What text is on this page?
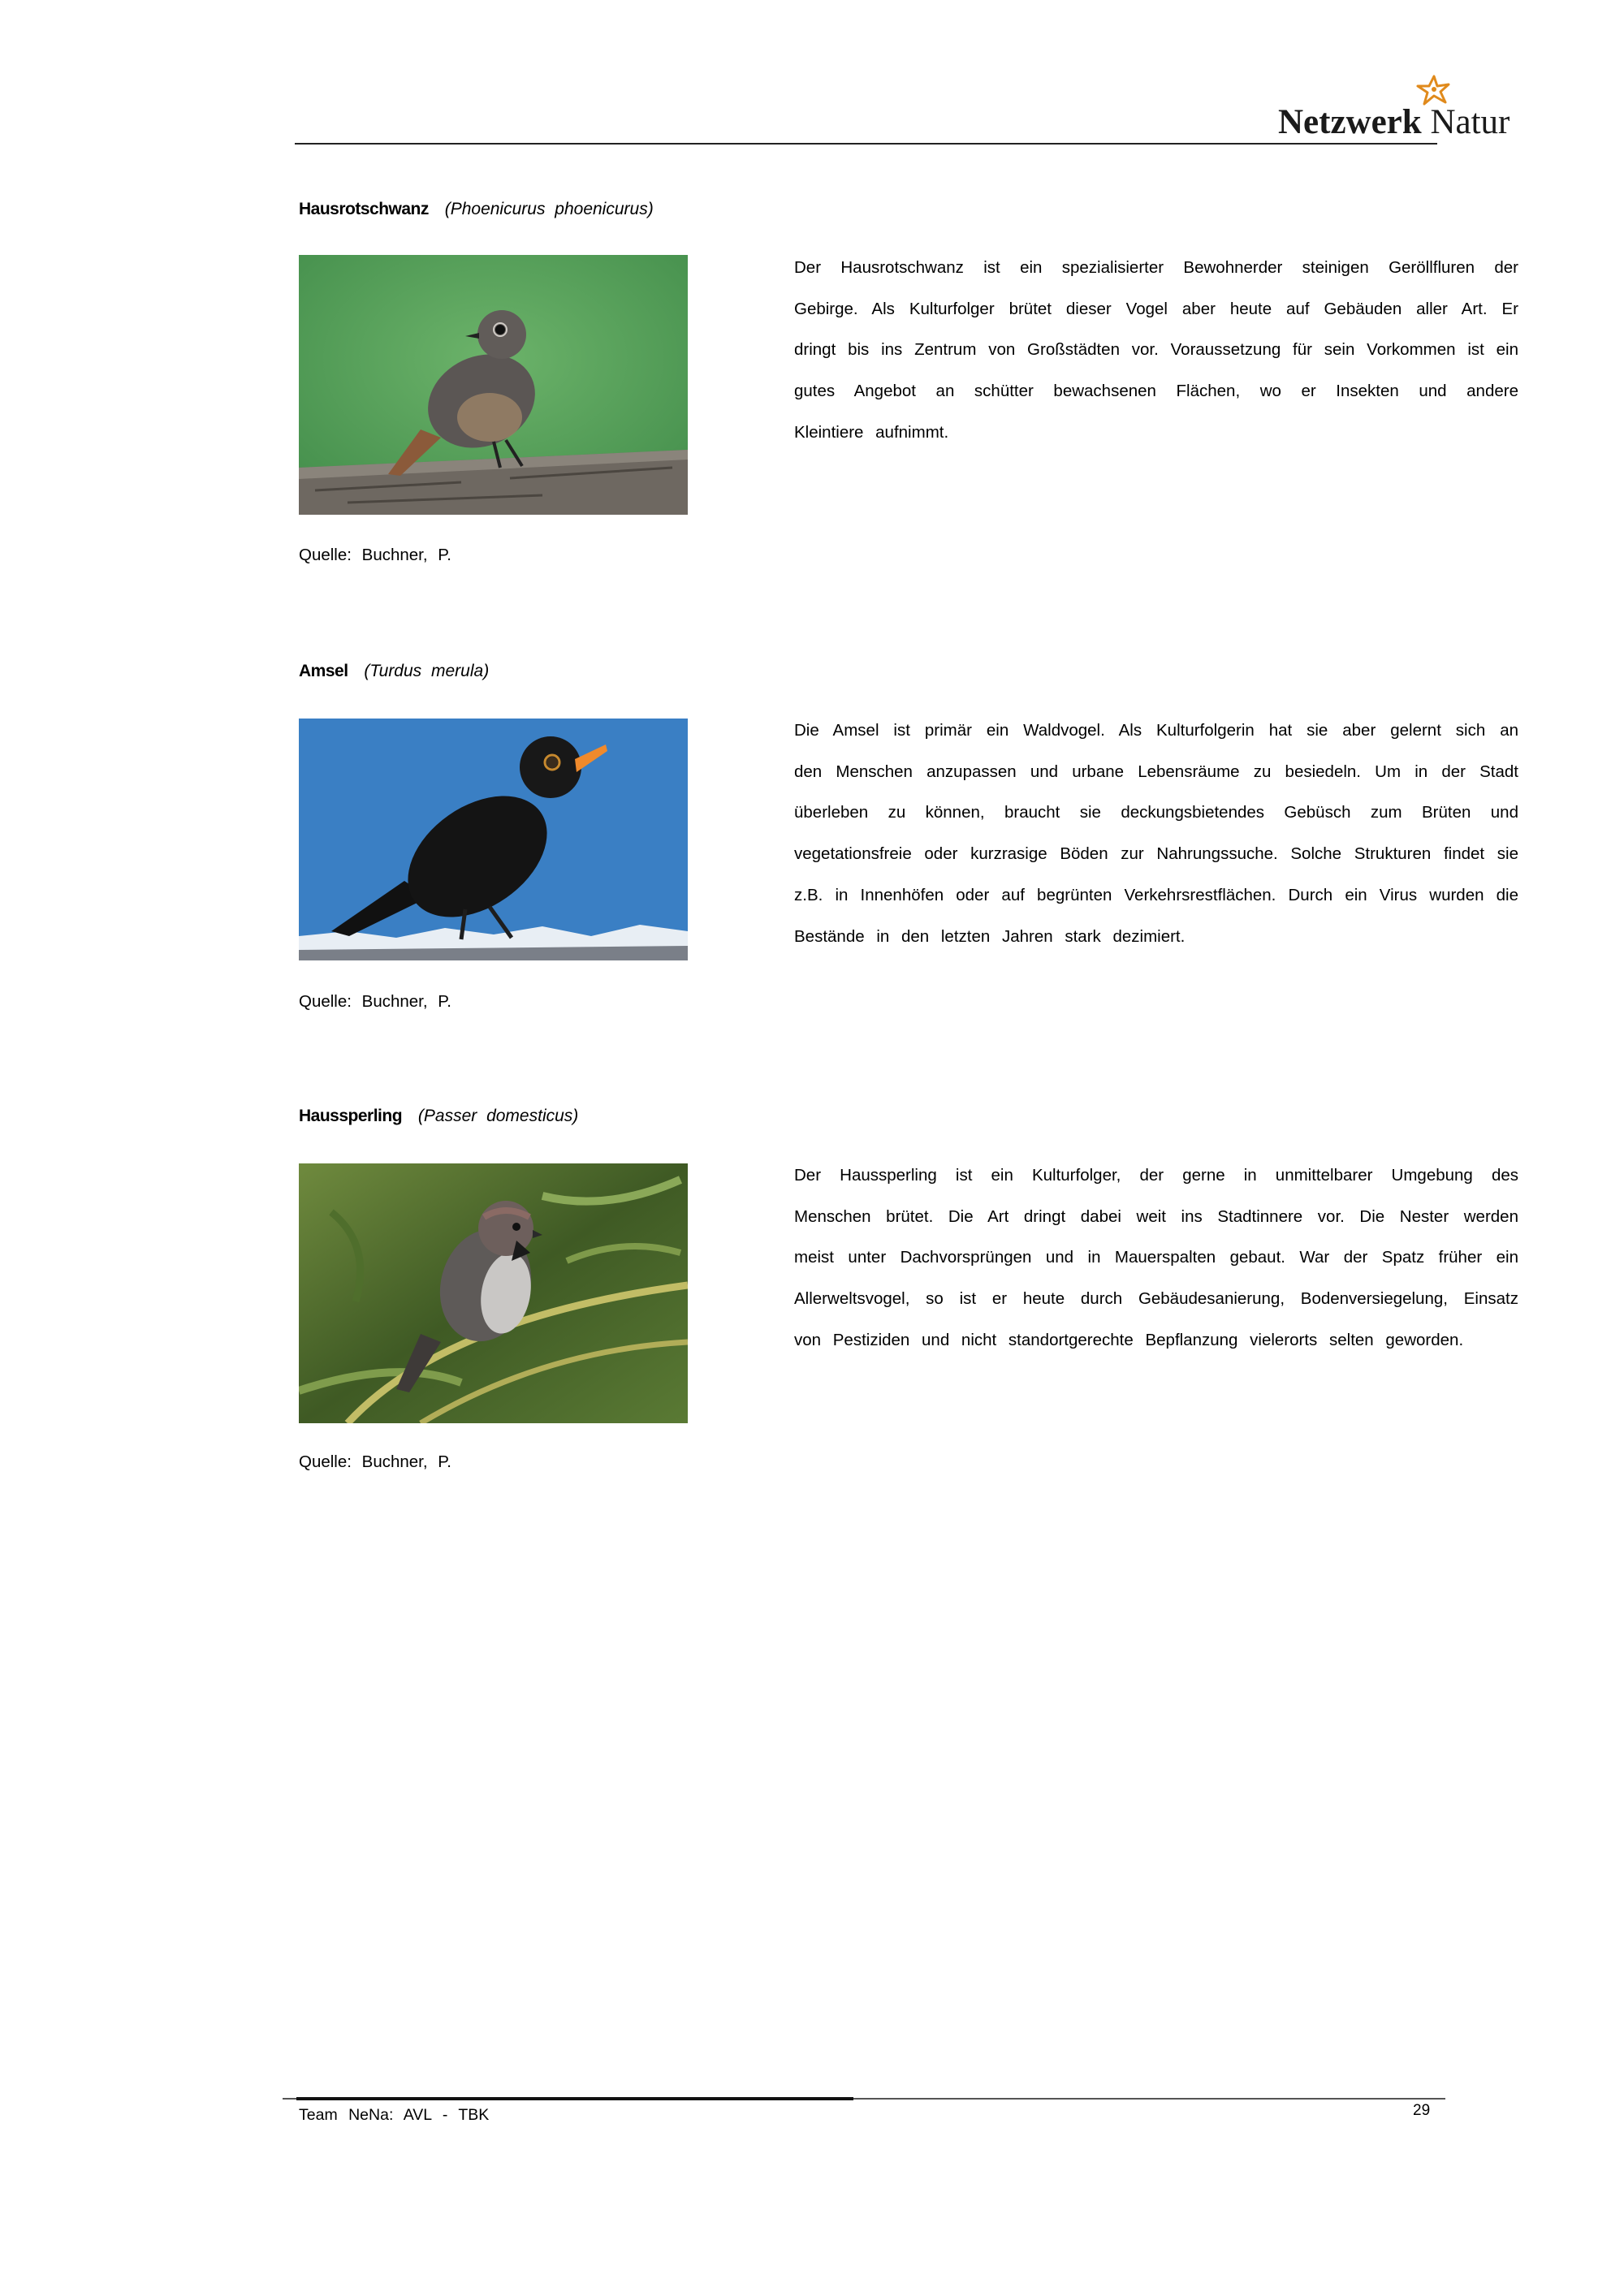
Netzwerk Natur
Hausrotschwanz (Phoenicurus phoenicurus)

Der Hausrotschwanz ist ein spezialisierter Bewohnerder steinigen Geröllfluren der Gebirge. Als Kulturfolger brütet dieser Vogel aber heute auf Gebäuden aller Art. Er dringt bis ins Zentrum von Großstädten vor. Voraussetzung für sein Vorkommen ist ein gutes Angebot an schütter bewachsenen Flächen, wo er Insekten und andere Kleintiere aufnimmt.

Quelle: Buchner, P.
Amsel (Turdus merula)

Die Amsel ist primär ein Waldvogel. Als Kulturfolgerin hat sie aber gelernt sich an den Menschen anzupassen und urbane Lebensräume zu besiedeln. Um in der Stadt überleben zu können, braucht sie deckungsbietendes Gebüsch zum Brüten und vegetationsfreie oder kurzrasige Böden zur Nahrungssuche. Solche Strukturen findet sie z.B. in Innenhöfen oder auf begrünten Verkehrsrestflächen. Durch ein Virus wurden die Bestände in den letzten Jahren stark dezimiert.

Quelle: Buchner, P.
Haussperling (Passer domesticus)

Der Haussperling ist ein Kulturfolger, der gerne in unmittelbarer Umgebung des Menschen brütet. Die Art dringt dabei weit ins Stadtinnere vor. Die Nester werden meist unter Dachvorsprüngen und in Mauerspalten gebaut. War der Spatz früher ein Allerweltsvogel, so ist er heute durch Gebäudesanierung, Bodenversiegelung, Einsatz von Pestiziden und nicht standortgerechte Bepflanzung vielerorts selten geworden.

Quelle: Buchner, P.
Team NeNa: AVL - TBK	29
